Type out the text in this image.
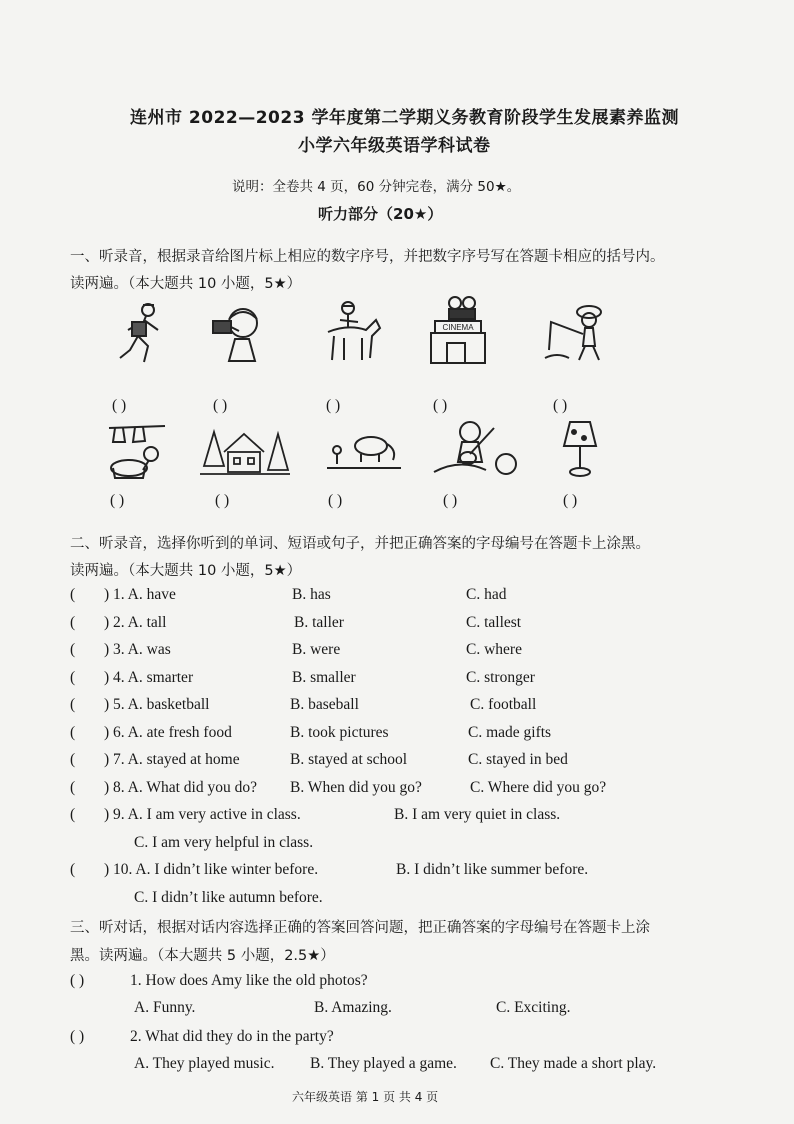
连州市 2022—2023 学年度第二学期义务教育阶段学生发展素养监测
小学六年级英语学科试卷
说明：全卷共 4 页，60 分钟完卷，满分 50★。
听力部分（20★）
一、听录音，根据录音给图片标上相应的数字序号，并把数字序号写在答题卡相应的括号内。
读两遍。（本大题共 10 小题，5★）
CINEMA
( )	( )	( )	( )	( )
( )	( )	( )	( )	( )
二、听录音，选择你听到的单词、短语或句子，并把正确答案的字母编号在答题卡上涂黑。
读两遍。（本大题共 10 小题，5★）
( ) 1. A. have	B. has	C. had
( ) 2. A. tall	B. taller	C. tallest
( ) 3. A. was	B. were	C. where
( ) 4. A. smarter	B. smaller	C. stronger
( ) 5. A. basketball	B. baseball	C. football
( ) 6. A. ate fresh food	B. took pictures	C. made gifts
( ) 7. A. stayed at home	B. stayed at school	C. stayed in bed
( ) 8. A. What did you do? B. When did you go?	C. Where did you go?
( ) 9. A. I am very active in class.	B. I am very quiet in class.
C. I am very helpful in class.
( ) 10. A. I didn’t like winter before.	B. I didn’t like summer before.
C. I didn’t like autumn before.
三、听对话，根据对话内容选择正确的答案回答问题，把正确答案的字母编号在答题卡上涂
黑。读两遍。（本大题共 5 小题，2.5★）
( )	1. How does Amy like the old photos?
A. Funny.	B. Amazing.	C. Exciting.
( )	2. What did they do in the party?
A. They played music. B. They played a game. C. They made a short play.
六年级英语 第 1 页 共 4 页
